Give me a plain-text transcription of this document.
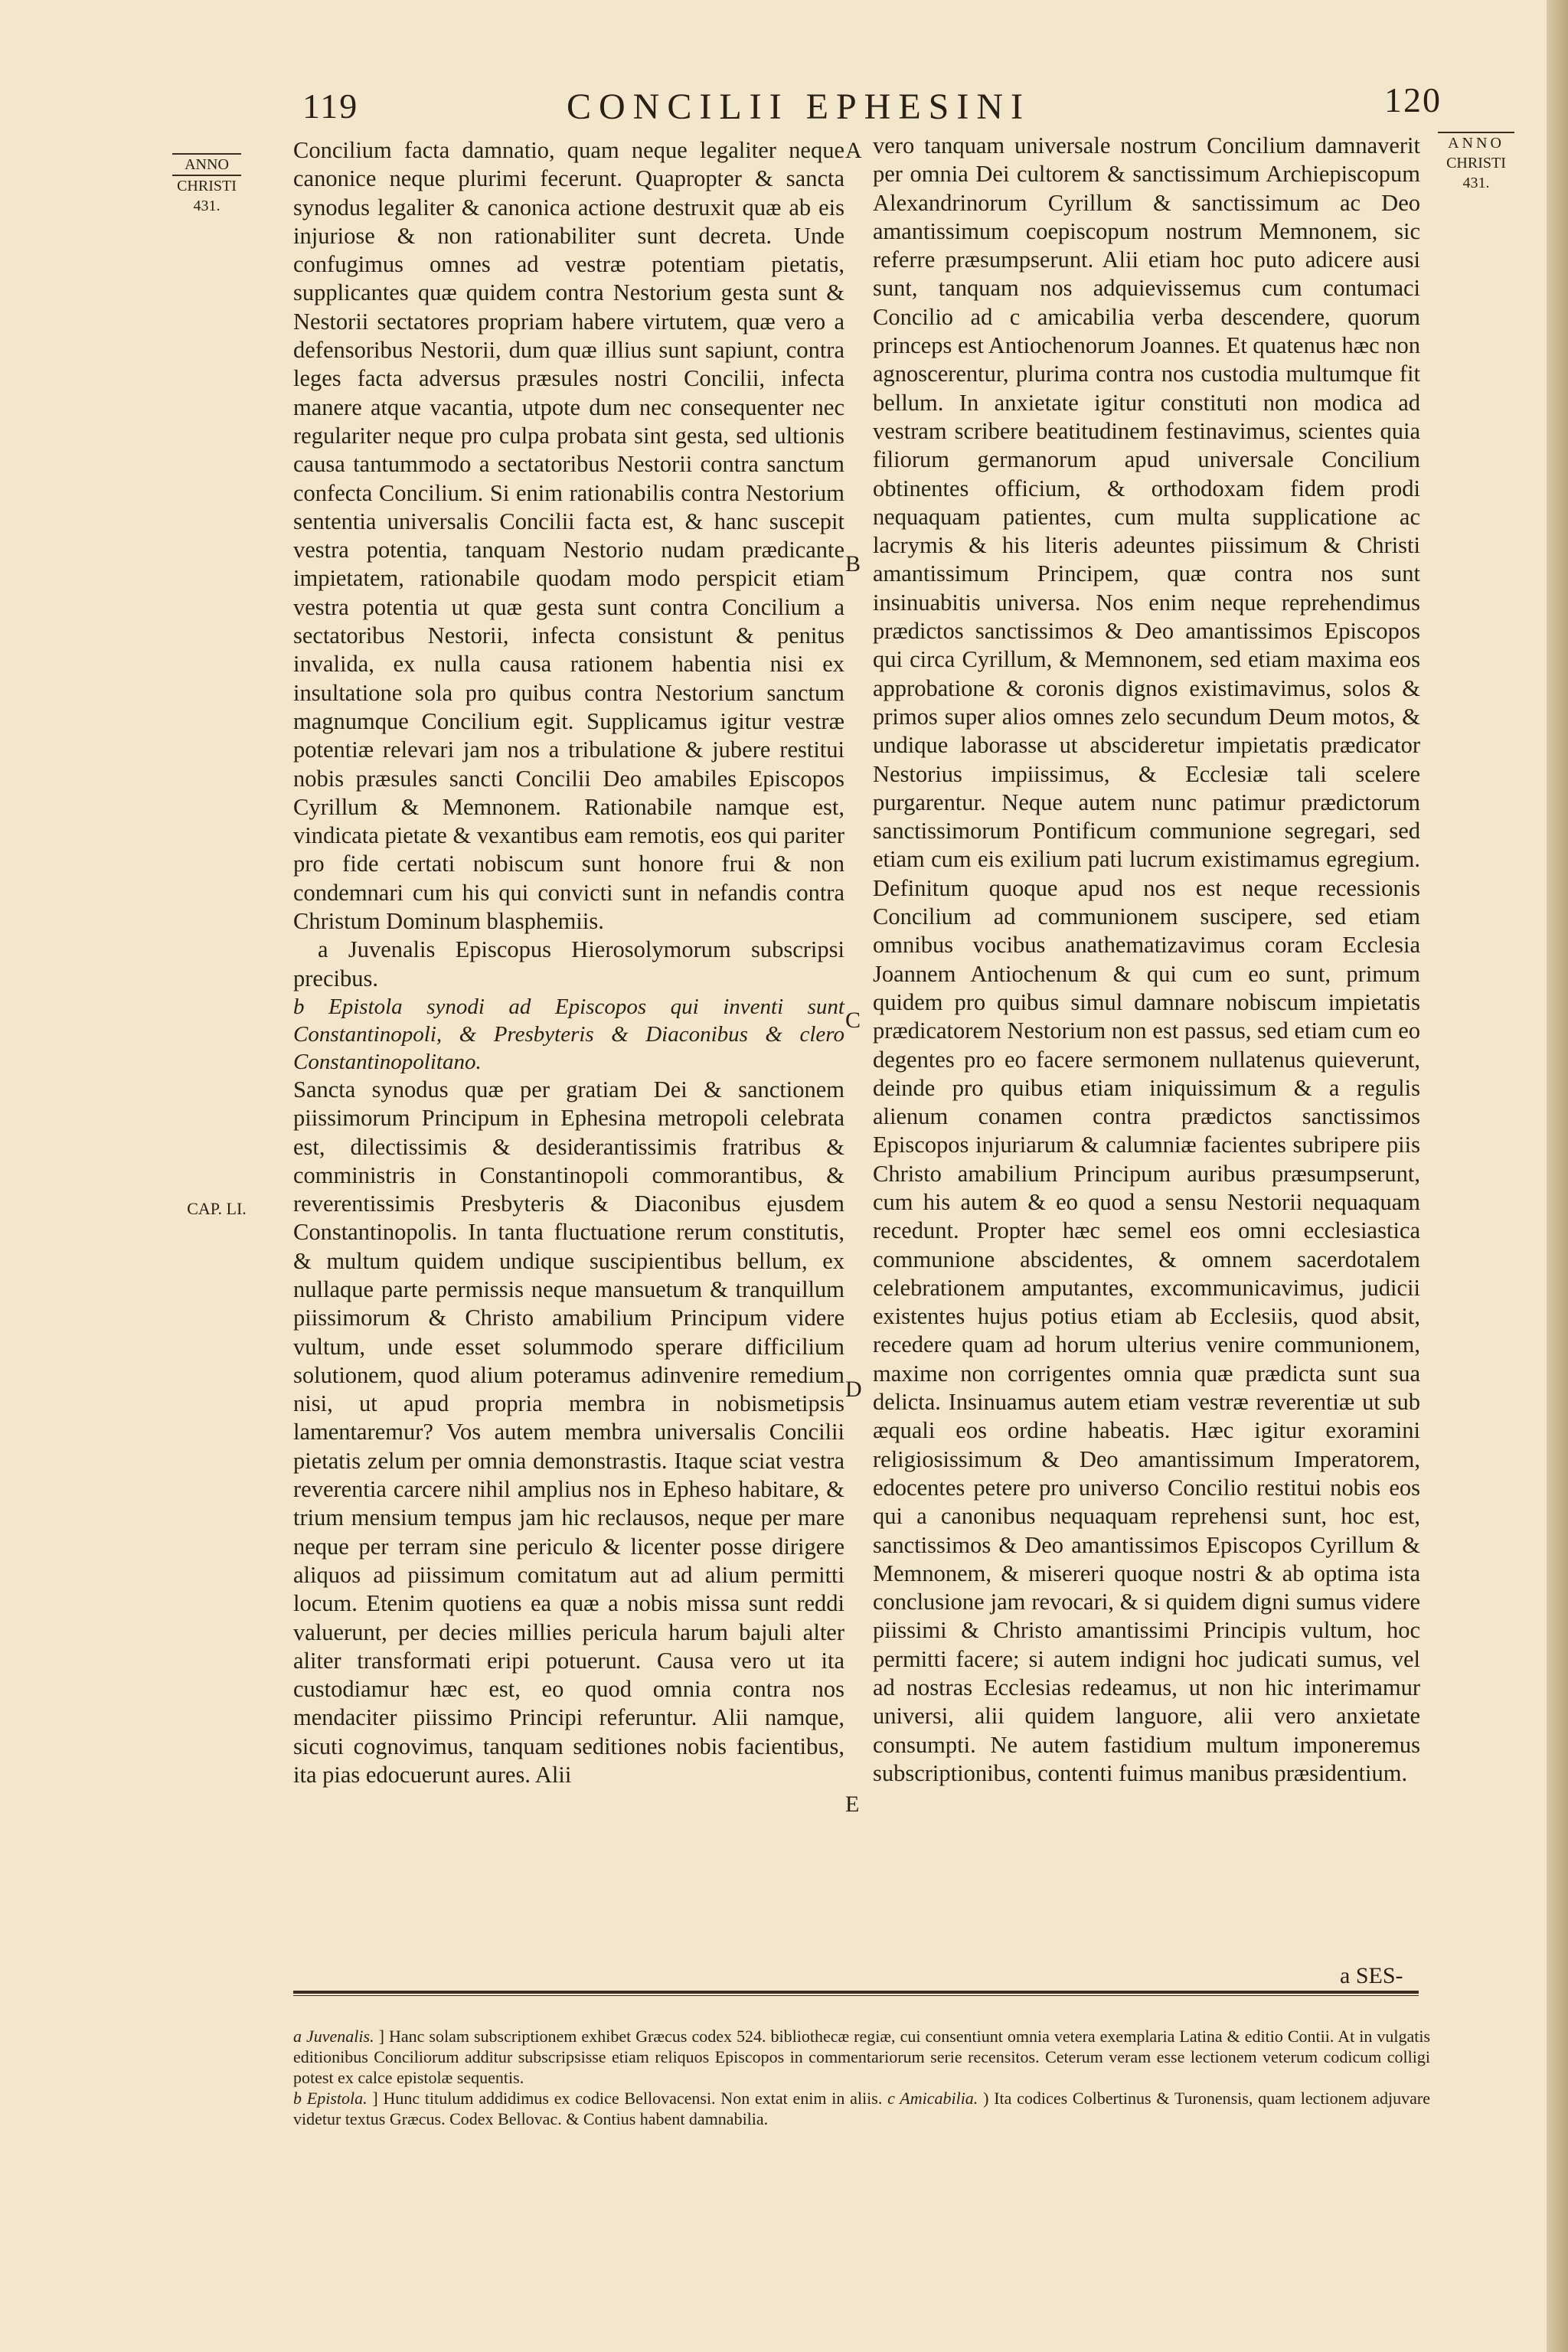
119	CONCILII EPHESINI	120
ANNO
CHRISTI
431.
ANNO
CHRISTI
431.
CAP. LI.
A
B
C
D
E

Concilium facta damnatio, quam neque legaliter neque canonice neque plurimi fecerunt. Quapropter & sancta synodus legaliter & canonica actione destruxit quæ ab eis injuriose & non rationabiliter sunt decreta. Unde confugimus omnes ad vestræ potentiam pietatis, supplicantes quæ quidem contra Nestorium gesta sunt & Nestorii sectatores propriam habere virtutem, quæ vero a defensoribus Nestorii, dum quæ illius sunt sapiunt, contra leges facta adversus præsules nostri Concilii, infecta manere atque vacantia, utpote dum nec consequenter nec regulariter neque pro culpa probata sint gesta, sed ultionis causa tantummodo a sectatoribus Nestorii contra sanctum confecta Concilium. Si enim rationabilis contra Nestorium sententia universalis Concilii facta est, & hanc suscepit vestra potentia, tanquam Nestorio nudam prædicante impietatem, rationabile quodam modo perspicit etiam vestra potentia ut quæ gesta sunt contra Concilium a sectatoribus Nestorii, infecta consistunt & penitus invalida, ex nulla causa rationem habentia nisi ex insultatione sola pro quibus contra Nestorium sanctum magnumque Concilium egit. Supplicamus igitur vestræ potentiæ relevari jam nos a tribulatione & jubere restitui nobis præsules sancti Concilii Deo amabiles Episcopos Cyrillum & Memnonem. Rationabile namque est, vindicata pietate & vexantibus eam remotis, eos qui pariter pro fide certati nobiscum sunt honore frui & non condemnari cum his qui convicti sunt in nefandis contra Christum Dominum blasphemiis.

a Juvenalis Episcopus Hierosolymorum subscripsi precibus.

b Epistola synodi ad Episcopos qui inventi sunt Constantinopoli, & Presbyteris & Diaconibus & clero Constantinopolitano.

Sancta synodus quæ per gratiam Dei & sanctionem piissimorum Principum in Ephesina metropoli celebrata est, dilectissimis & desiderantissimis fratribus & comministris in Constantinopoli commorantibus, & reverentissimis Presbyteris & Diaconibus ejusdem Constantinopolis. In tanta fluctuatione rerum constitutis, & multum quidem undique suscipientibus bellum, ex nullaque parte permissis neque mansuetum & tranquillum piissimorum & Christo amabilium Principum videre vultum, unde esset solummodo sperare difficilium solutionem, quod alium poteramus adinvenire remedium nisi, ut apud propria membra in nobismetipsis lamentaremur? Vos autem membra universalis Concilii pietatis zelum per omnia demonstrastis. Itaque sciat vestra reverentia carcere nihil amplius nos in Epheso habitare, & trium mensium tempus jam hic reclausos, neque per mare neque per terram sine periculo & licenter posse dirigere aliquos ad piissimum comitatum aut ad alium permitti locum. Etenim quotiens ea quæ a nobis missa sunt reddi valuerunt, per decies millies pericula harum bajuli alter aliter transformati eripi potuerunt. Causa vero ut ita custodiamur hæc est, eo quod omnia contra nos mendaciter piissimo Principi referuntur. Alii namque, sicuti cognovimus, tanquam seditiones nobis facientibus, ita pias edocuerunt aures. Alii

vero tanquam universale nostrum Concilium damnaverit per omnia Dei cultorem & sanctissimum Archiepiscopum Alexandrinorum Cyrillum & sanctissimum ac Deo amantissimum coepiscopum nostrum Memnonem, sic referre præsumpserunt. Alii etiam hoc puto adicere ausi sunt, tanquam nos adquievissemus cum contumaci Concilio ad c amicabilia verba descendere, quorum princeps est Antiochenorum Joannes. Et quatenus hæc non agnoscerentur, plurima contra nos custodia multumque fit bellum. In anxietate igitur constituti non modica ad vestram scribere beatitudinem festinavimus, scientes quia filiorum germanorum apud universale Concilium obtinentes officium, & orthodoxam fidem prodi nequaquam patientes, cum multa supplicatione ac lacrymis & his literis adeuntes piissimum & Christi amantissimum Principem, quæ contra nos sunt insinuabitis universa. Nos enim neque reprehendimus prædictos sanctissimos & Deo amantissimos Episcopos qui circa Cyrillum, & Memnonem, sed etiam maxima eos approbatione & coronis dignos existimavimus, solos & primos super alios omnes zelo secundum Deum motos, & undique laborasse ut abscideretur impietatis prædicator Nestorius impiissimus, & Ecclesiæ tali scelere purgarentur. Neque autem nunc patimur prædictorum sanctissimorum Pontificum communione segregari, sed etiam cum eis exilium pati lucrum existimamus egregium. Definitum quoque apud nos est neque recessionis Concilium ad communionem suscipere, sed etiam omnibus vocibus anathematizavimus coram Ecclesia Joannem Antiochenum & qui cum eo sunt, primum quidem pro quibus simul damnare nobiscum impietatis prædicatorem Nestorium non est passus, sed etiam cum eo degentes pro eo facere sermonem nullatenus quieverunt, deinde pro quibus etiam iniquissimum & a regulis alienum conamen contra prædictos sanctissimos Episcopos injuriarum & calumniæ facientes subripere piis Christo amabilium Principum auribus præsumpserunt, cum his autem & eo quod a sensu Nestorii nequaquam recedunt. Propter hæc semel eos omni ecclesiastica communione abscidentes, & omnem sacerdotalem celebrationem amputantes, excommunicavimus, judicii existentes hujus potius etiam ab Ecclesiis, quod absit, recedere quam ad horum ulterius venire communionem, maxime non corrigentes omnia quæ prædicta sunt sua delicta. Insinuamus autem etiam vestræ reverentiæ ut sub æquali eos ordine habeatis. Hæc igitur exoramini religiosissimum & Deo amantissimum Imperatorem, edocentes petere pro universo Concilio restitui nobis eos qui a canonibus nequaquam reprehensi sunt, hoc est, sanctissimos & Deo amantissimos Episcopos Cyrillum & Memnonem, & misereri quoque nostri & ab optima ista conclusione jam revocari, & si quidem digni sumus videre piissimi & Christo amantissimi Principis vultum, hoc permitti facere; si autem indigni hoc judicati sumus, vel ad nostras Ecclesias redeamus, ut non hic interimamur universi, alii quidem languore, alii vero anxietate consumpti. Ne autem fastidium multum imponeremus subscriptionibus, contenti fuimus manibus præsidentium.

a SES-

a Juvenalis. ] Hanc solam subscriptionem exhibet Græcus codex 524. bibliothecæ regiæ, cui consentiunt omnia vetera exemplaria Latina & editio Contii. At in vulgatis editionibus Conciliorum additur subscripsisse etiam reliquos Episcopos in commentariorum serie recensitos. Ceterum veram esse lectionem veterum codicum colligi potest ex calce epistolæ sequentis.

b Epistola. ] Hunc titulum addidimus ex codice Bellovacensi. Non extat enim in aliis. c Amicabilia. ) Ita codices Colbertinus & Turonensis, quam lectionem adjuvare videtur textus Græcus. Codex Bellovac. & Contius habent damnabilia.
